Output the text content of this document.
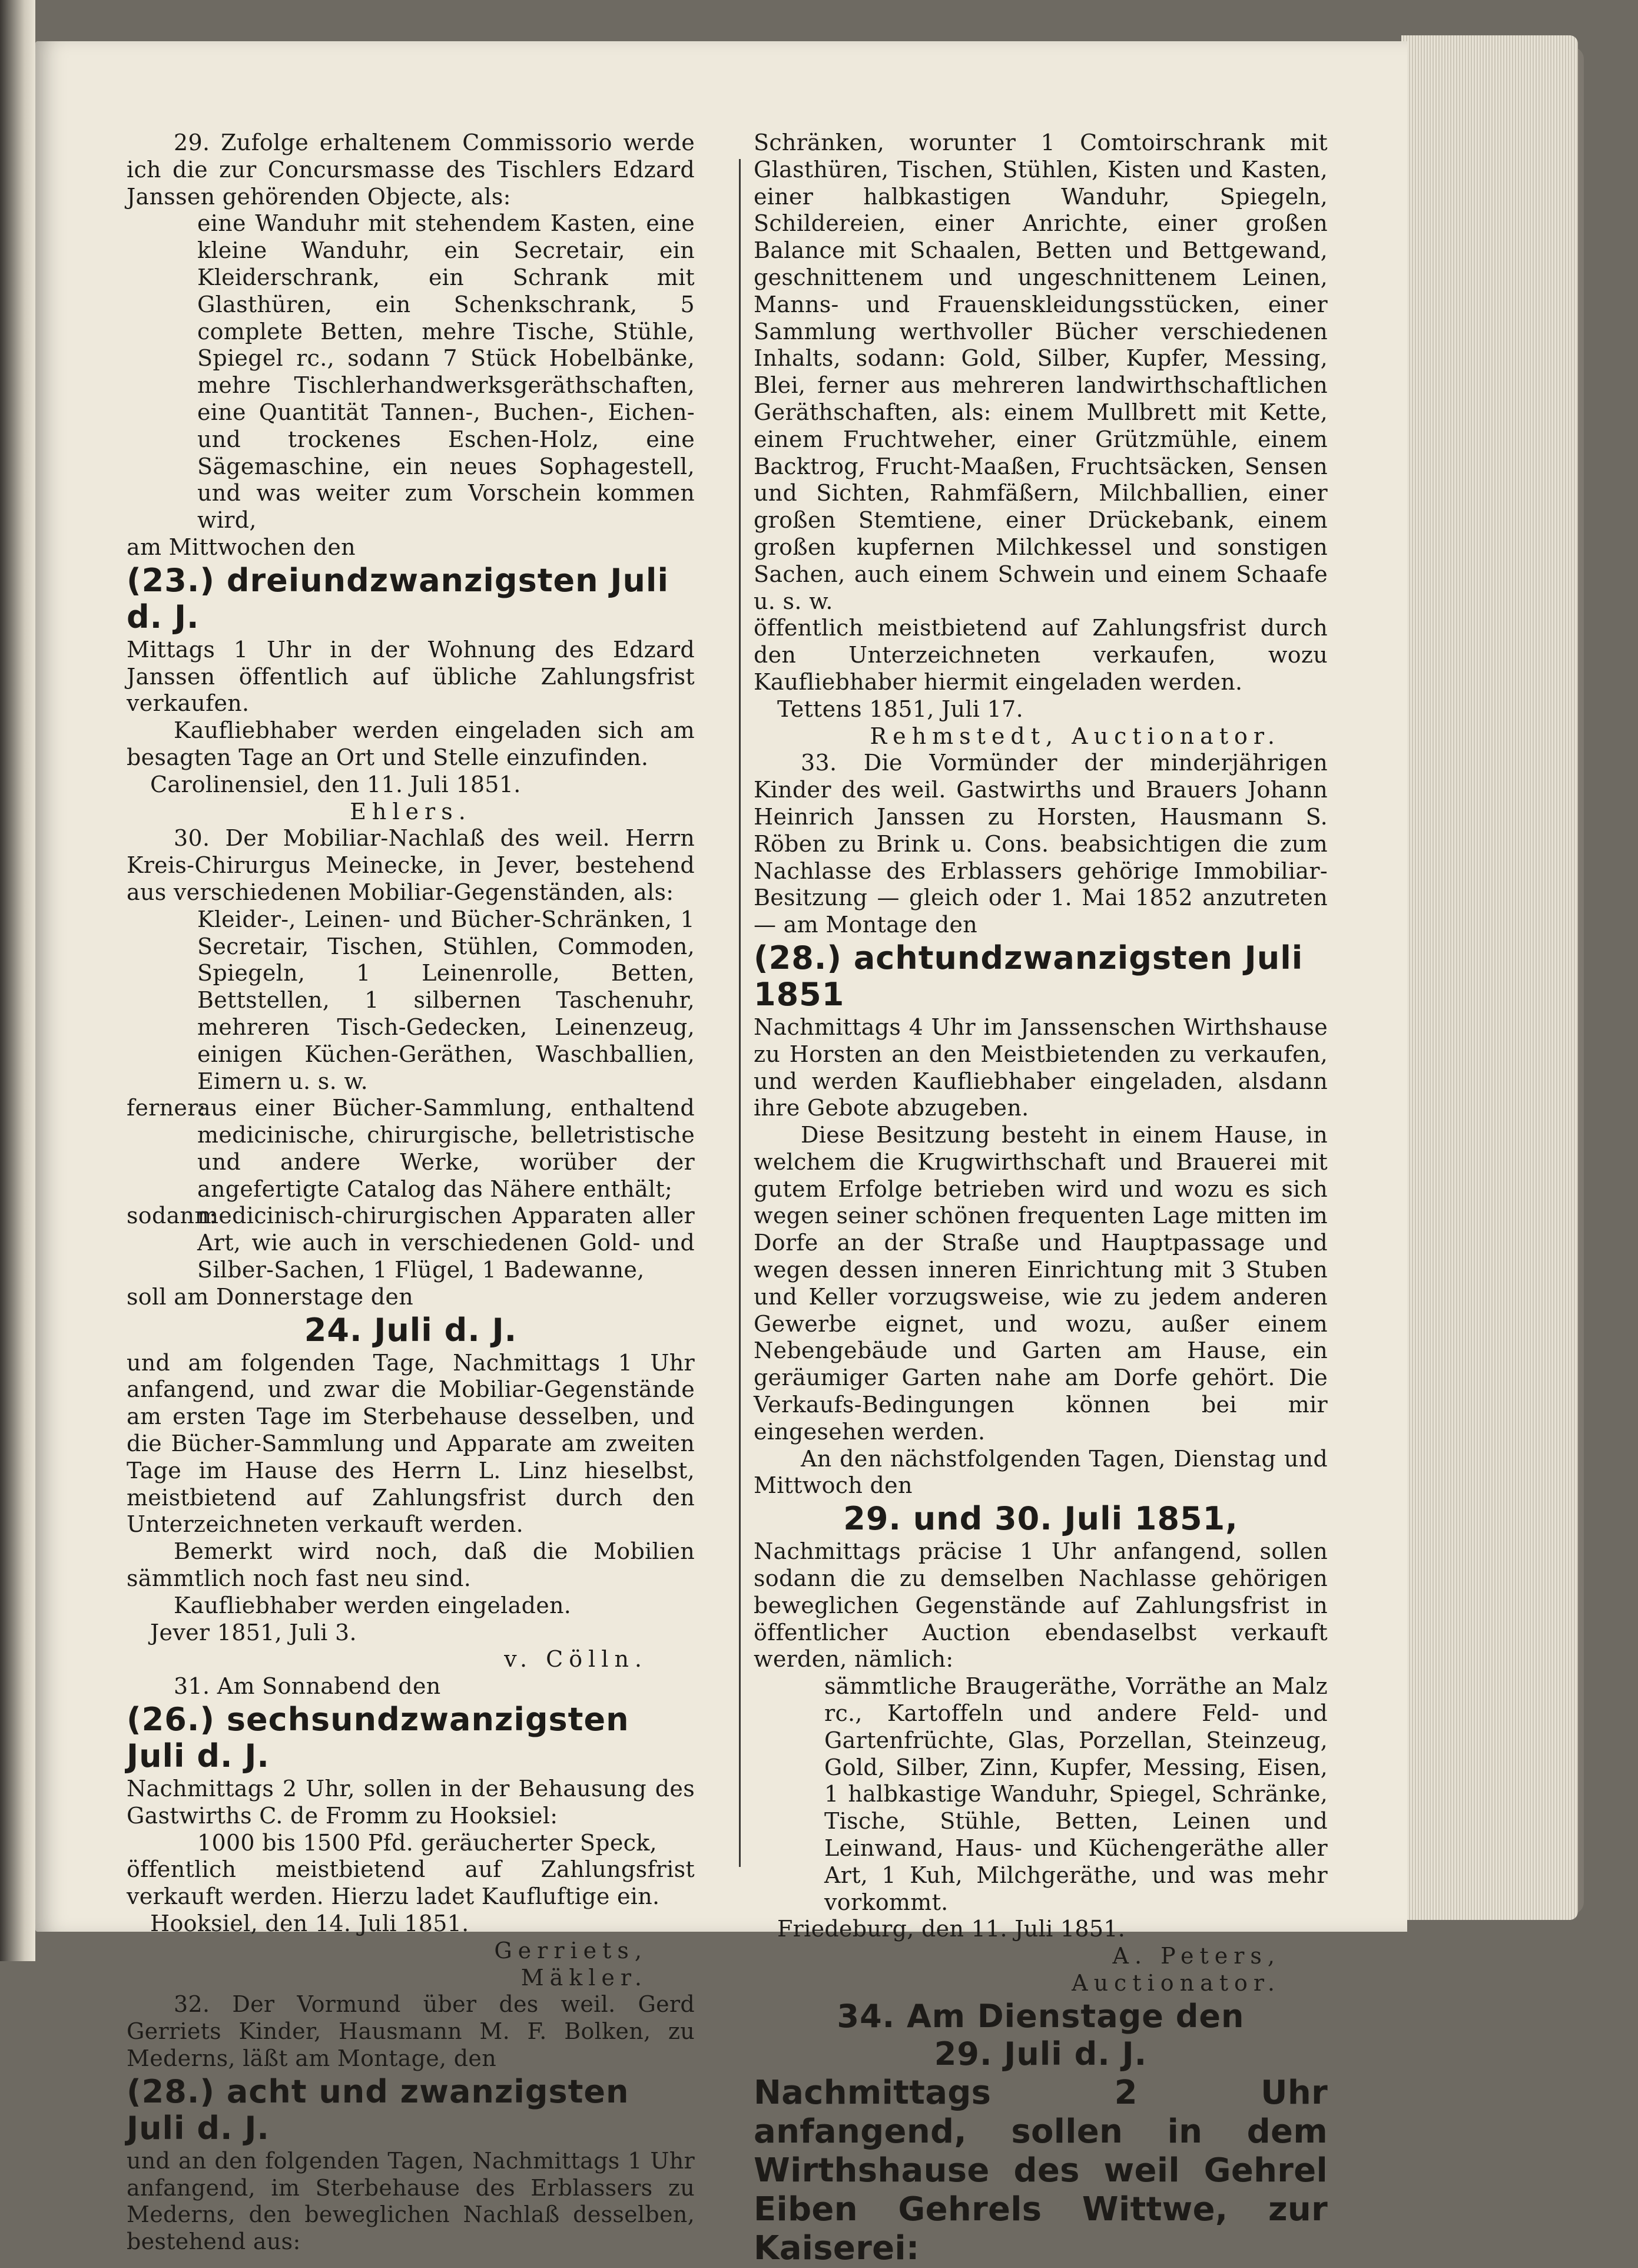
29. Zufolge erhaltenem Commissorio werde ich die zur Concursmasse des Tischlers Edzard Janssen gehörenden Objecte, als:

eine Wanduhr mit stehendem Kasten, eine kleine Wanduhr, ein Secretair, ein Kleiderschrank, ein Schrank mit Glasthüren, ein Schenkschrank, 5 complete Betten, mehre Tische, Stühle, Spiegel rc., sodann 7 Stück Hobelbänke, mehre Tischlerhandwerksgeräthschaften, eine Quantität Tannen-, Buchen-, Eichen- und trockenes Eschen-Holz, eine Sägemaschine, ein neues Sophagestell, und was weiter zum Vorschein kommen wird,

am Mittwochen den

(23.) dreiundzwanzigsten Juli d. J.

Mittags 1 Uhr in der Wohnung des Edzard Janssen öffentlich auf übliche Zahlungsfrist verkaufen.

Kaufliebhaber werden eingeladen sich am besagten Tage an Ort und Stelle einzufinden.

Carolinensiel, den 11. Juli 1851.

Ehlers.

30. Der Mobiliar-Nachlaß des weil. Herrn Kreis-Chirurgus Meinecke, in Jever, bestehend aus verschiedenen Mobiliar-Gegenständen, als:

Kleider-, Leinen- und Bücher-Schränken, 1 Secretair, Tischen, Stühlen, Commoden, Spiegeln, 1 Leinenrolle, Betten, Bettstellen, 1 silbernen Taschenuhr, mehreren Tisch-Gedecken, Leinenzeug, einigen Küchen-Geräthen, Waschballien, Eimern u. s. w.

ferner:
aus einer Bücher-Sammlung, enthaltend medicinische, chirurgische, belletristische und andere Werke, worüber der angefertigte Catalog das Nähere enthält;
sodann:
medicinisch-chirurgischen Apparaten aller Art, wie auch in verschiedenen Gold- und Silber-Sachen, 1 Flügel, 1 Badewanne,

soll am Donnerstage den

24. Juli d. J.

und am folgenden Tage, Nachmittags 1 Uhr anfangend, und zwar die Mobiliar-Gegenstände am ersten Tage im Sterbehause desselben, und die Bücher-Sammlung und Apparate am zweiten Tage im Hause des Herrn L. Linz hieselbst, meistbietend auf Zahlungsfrist durch den Unterzeichneten verkauft werden.

Bemerkt wird noch, daß die Mobilien sämmtlich noch fast neu sind.

Kaufliebhaber werden eingeladen.

Jever 1851, Juli 3.

v. Cölln.

31. Am Sonnabend den

(26.) sechsundzwanzigsten Juli d. J.

Nachmittags 2 Uhr, sollen in der Behausung des Gastwirths C. de Fromm zu Hooksiel:

1000 bis 1500 Pfd. geräucherter Speck,

öffentlich meistbietend auf Zahlungsfrist verkauft werden. Hierzu ladet Kaufluftige ein.

Hooksiel, den 14. Juli 1851.

Gerriets,

Mäkler.

32. Der Vormund über des weil. Gerd Gerriets Kinder, Hausmann M. F. Bolken, zu Mederns, läßt am Montage, den

(28.) acht und zwanzigsten Juli d. J.

und an den folgenden Tagen, Nachmittags 1 Uhr anfangend, im Sterbehause des Erblassers zu Mederns, den beweglichen Nachlaß desselben, bestehend aus:

Schränken, worunter 1 Comtoirschrank mit Glasthüren, Tischen, Stühlen, Kisten und Kasten, einer halbkastigen Wanduhr, Spiegeln, Schildereien, einer Anrichte, einer großen Balance mit Schaalen, Betten und Bettgewand, geschnittenem und ungeschnittenem Leinen, Manns- und Frauenskleidungsstücken, einer Sammlung werthvoller Bücher verschiedenen Inhalts, sodann: Gold, Silber, Kupfer, Messing, Blei, ferner aus mehreren landwirthschaftlichen Geräthschaften, als: einem Mullbrett mit Kette, einem Fruchtweher, einer Grützmühle, einem Backtrog, Frucht-Maaßen, Fruchtsäcken, Sensen und Sichten, Rahmfäßern, Milchballien, einer großen Stemtiene, einer Drückebank, einem großen kupfernen Milchkessel und sonstigen Sachen, auch einem Schwein und einem Schaafe u. s. w.

öffentlich meistbietend auf Zahlungsfrist durch den Unterzeichneten verkaufen, wozu Kaufliebhaber hiermit eingeladen werden.

Tettens 1851, Juli 17.

Rehmstedt, Auctionator.

33. Die Vormünder der minderjährigen Kinder des weil. Gastwirths und Brauers Johann Heinrich Janssen zu Horsten, Hausmann S. Röben zu Brink u. Cons. beabsichtigen die zum Nachlasse des Erblassers gehörige Immobiliar-Besitzung — gleich oder 1. Mai 1852 anzutreten — am Montage den

(28.) achtundzwanzigsten Juli 1851

Nachmittags 4 Uhr im Janssenschen Wirthshause zu Horsten an den Meistbietenden zu verkaufen, und werden Kaufliebhaber eingeladen, alsdann ihre Gebote abzugeben.

Diese Besitzung besteht in einem Hause, in welchem die Krugwirthschaft und Brauerei mit gutem Erfolge betrieben wird und wozu es sich wegen seiner schönen frequenten Lage mitten im Dorfe an der Straße und Hauptpassage und wegen dessen inneren Einrichtung mit 3 Stuben und Keller vorzugsweise, wie zu jedem anderen Gewerbe eignet, und wozu, außer einem Nebengebäude und Garten am Hause, ein geräumiger Garten nahe am Dorfe gehört. Die Verkaufs-Bedingungen können bei mir eingesehen werden.

An den nächstfolgenden Tagen, Dienstag und Mittwoch den

29. und 30. Juli 1851,

Nachmittags präcise 1 Uhr anfangend, sollen sodann die zu demselben Nachlasse gehörigen beweglichen Gegenstände auf Zahlungsfrist in öffentlicher Auction ebendaselbst verkauft werden, nämlich:

sämmtliche Braugeräthe, Vorräthe an Malz rc., Kartoffeln und andere Feld- und Gartenfrüchte, Glas, Porzellan, Steinzeug, Gold, Silber, Zinn, Kupfer, Messing, Eisen, 1 halbkastige Wanduhr, Spiegel, Schränke, Tische, Stühle, Betten, Leinen und Leinwand, Haus- und Küchengeräthe aller Art, 1 Kuh, Milchgeräthe, und was mehr vorkommt.

Friedeburg, den 11. Juli 1851.

A. Peters,

Auctionator.

34. Am Dienstage den

29. Juli d. J.

Nachmittags 2 Uhr anfangend, sollen in dem Wirthshause des weil Gehrel Eiben Gehrels Wittwe, zur Kaiserei:
